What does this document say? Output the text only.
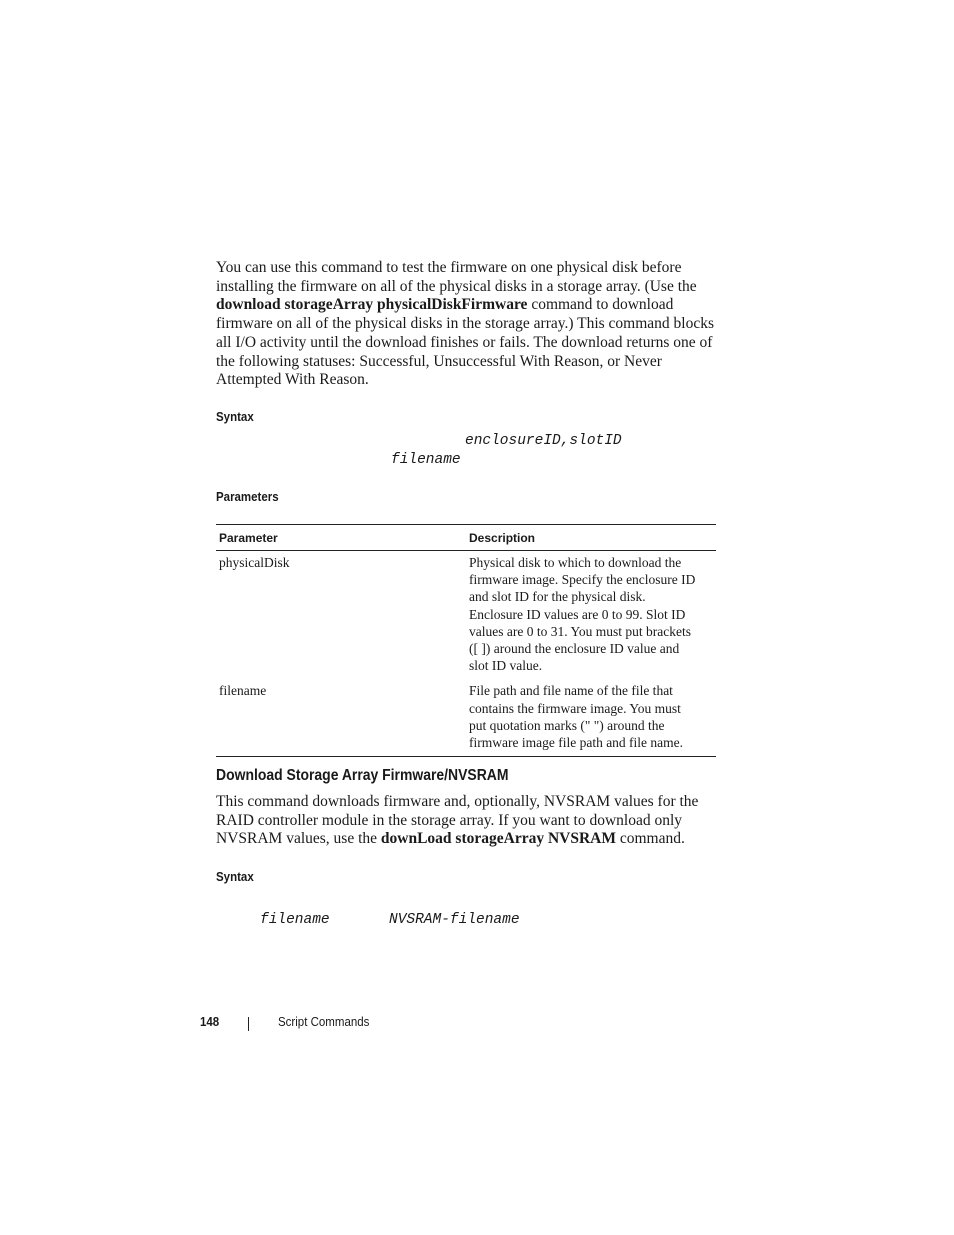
You can use this command to test the firmware on one physical disk before installing the firmware on all of the physical disks in a storage array. (Use the download storageArray physicalDiskFirmware command to download firmware on all of the physical disks in the storage array.) This command blocks all I/O activity until the download finishes or fails. The download returns one of the following statuses: Successful, Unsuccessful With Reason, or Never Attempted With Reason.
Syntax
enclosureID,slotID
filename
Parameters
Parameter	Description
physicalDisk	Physical disk to which to download the
firmware image. Specify the enclosure ID
and slot ID for the physical disk.
Enclosure ID values are 0 to 99. Slot ID
values are 0 to 31. You must put brackets
([ ]) around the enclosure ID value and
slot ID value.
filename	File path and file name of the file that
contains the firmware image. You must
put quotation marks (" ") around the
firmware image file path and file name.
Download Storage Array Firmware/NVSRAM
This command downloads firmware and, optionally, NVSRAM values for the RAID controller module in the storage array. If you want to download only NVSRAM values, use the downLoad storageArray NVSRAM command.
Syntax
filename	NVSRAM-filename
148	Script Commands
